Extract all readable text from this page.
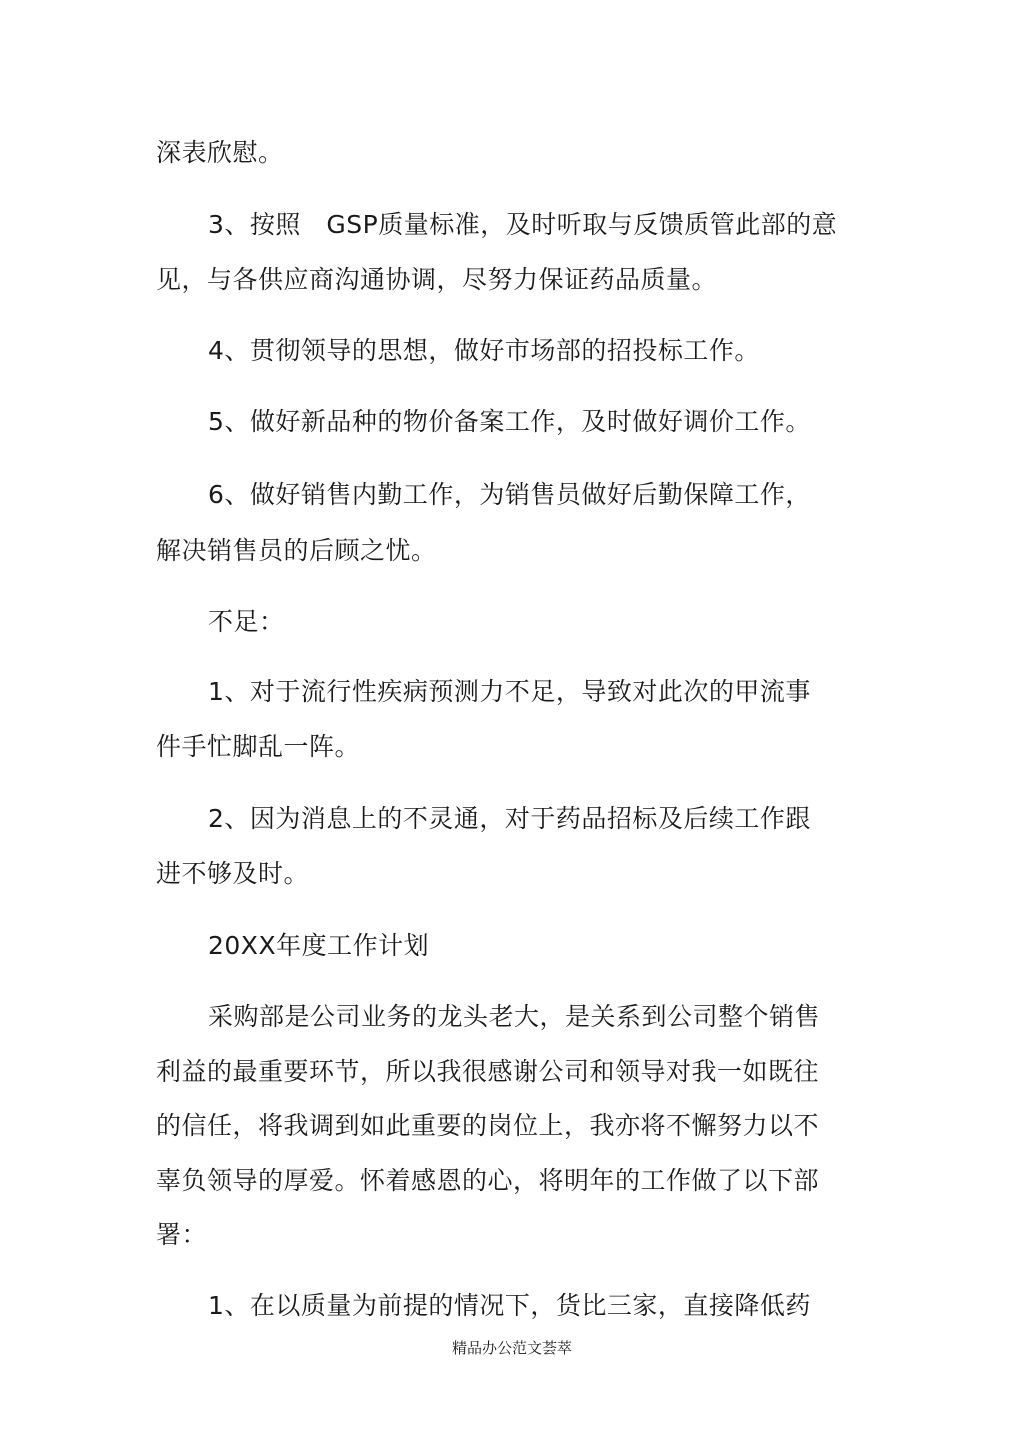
深表欣慰。
3、按照　GSP质量标准，及时听取与反馈质管此部的意
见，与各供应商沟通协调，尽努力保证药品质量。
4、贯彻领导的思想，做好市场部的招投标工作。
5、做好新品种的物价备案工作，及时做好调价工作。
6、做好销售内勤工作，为销售员做好后勤保障工作，
解决销售员的后顾之忧。
不足：
1、对于流行性疾病预测力不足，导致对此次的甲流事
件手忙脚乱一阵。
2、因为消息上的不灵通，对于药品招标及后续工作跟
进不够及时。
20XX年度工作计划
采购部是公司业务的龙头老大，是关系到公司整个销售
利益的最重要环节，所以我很感谢公司和领导对我一如既往
的信任，将我调到如此重要的岗位上，我亦将不懈努力以不
辜负领导的厚爱。怀着感恩的心，将明年的工作做了以下部
署：
1、在以质量为前提的情况下，货比三家，直接降低药
精品办公范文荟萃
